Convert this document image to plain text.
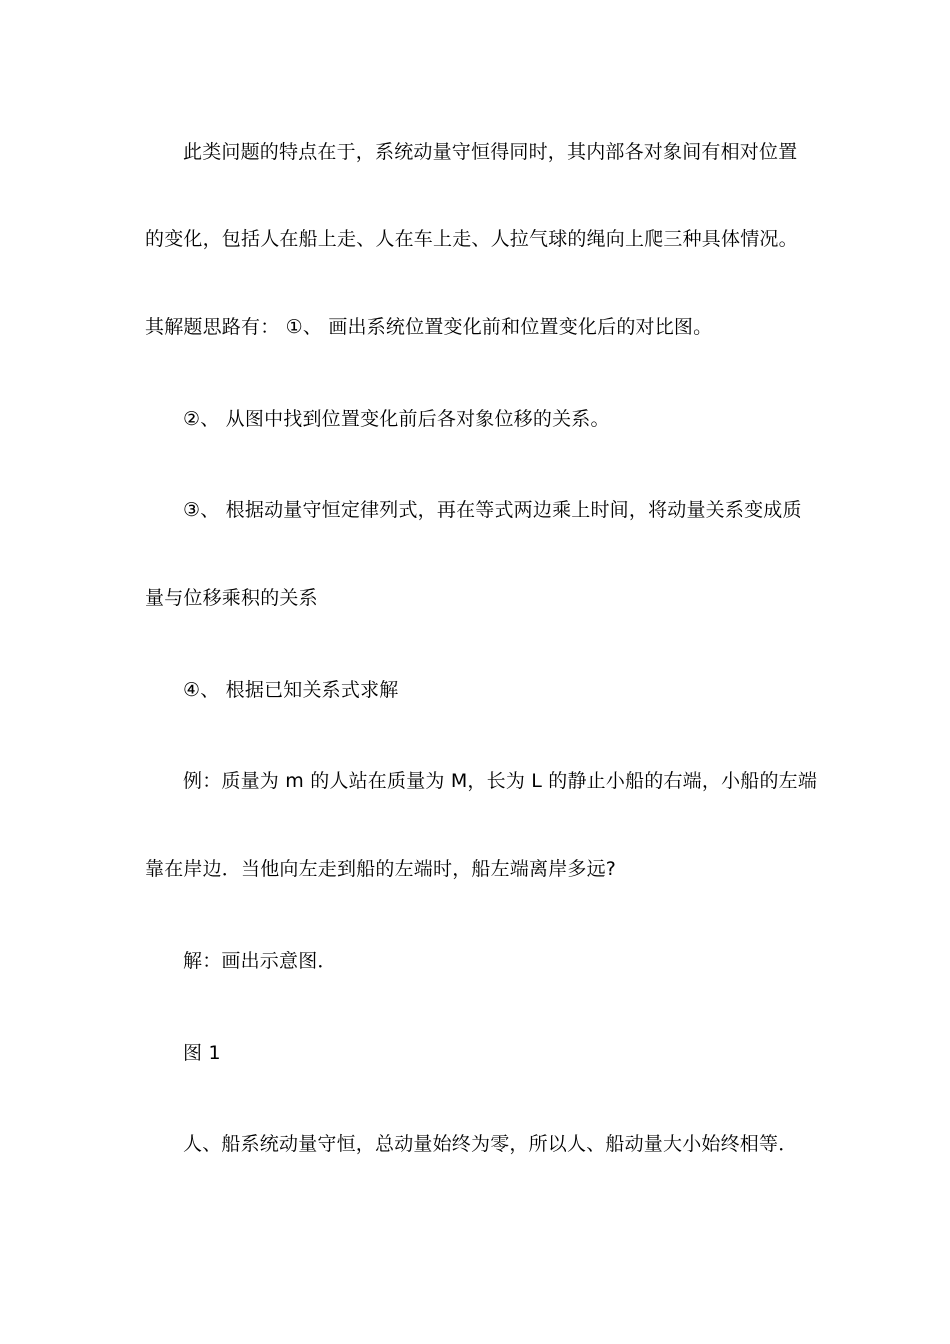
此类问题的特点在于，系统动量守恒得同时，其内部各对象间有相对位置
的变化，包括人在船上走、人在车上走、人拉气球的绳向上爬三种具体情况。
其解题思路有： ①、 画出系统位置变化前和位置变化后的对比图。
②、 从图中找到位置变化前后各对象位移的关系。
③、 根据动量守恒定律列式，再在等式两边乘上时间，将动量关系变成质
量与位移乘积的关系
④、 根据已知关系式求解
例：质量为 m 的人站在质量为 M，长为 L 的静止小船的右端，小船的左端
靠在岸边．当他向左走到船的左端时，船左端离岸多远?
解：画出示意图．
图 1
人、船系统动量守恒，总动量始终为零，所以人、船动量大小始终相等．
